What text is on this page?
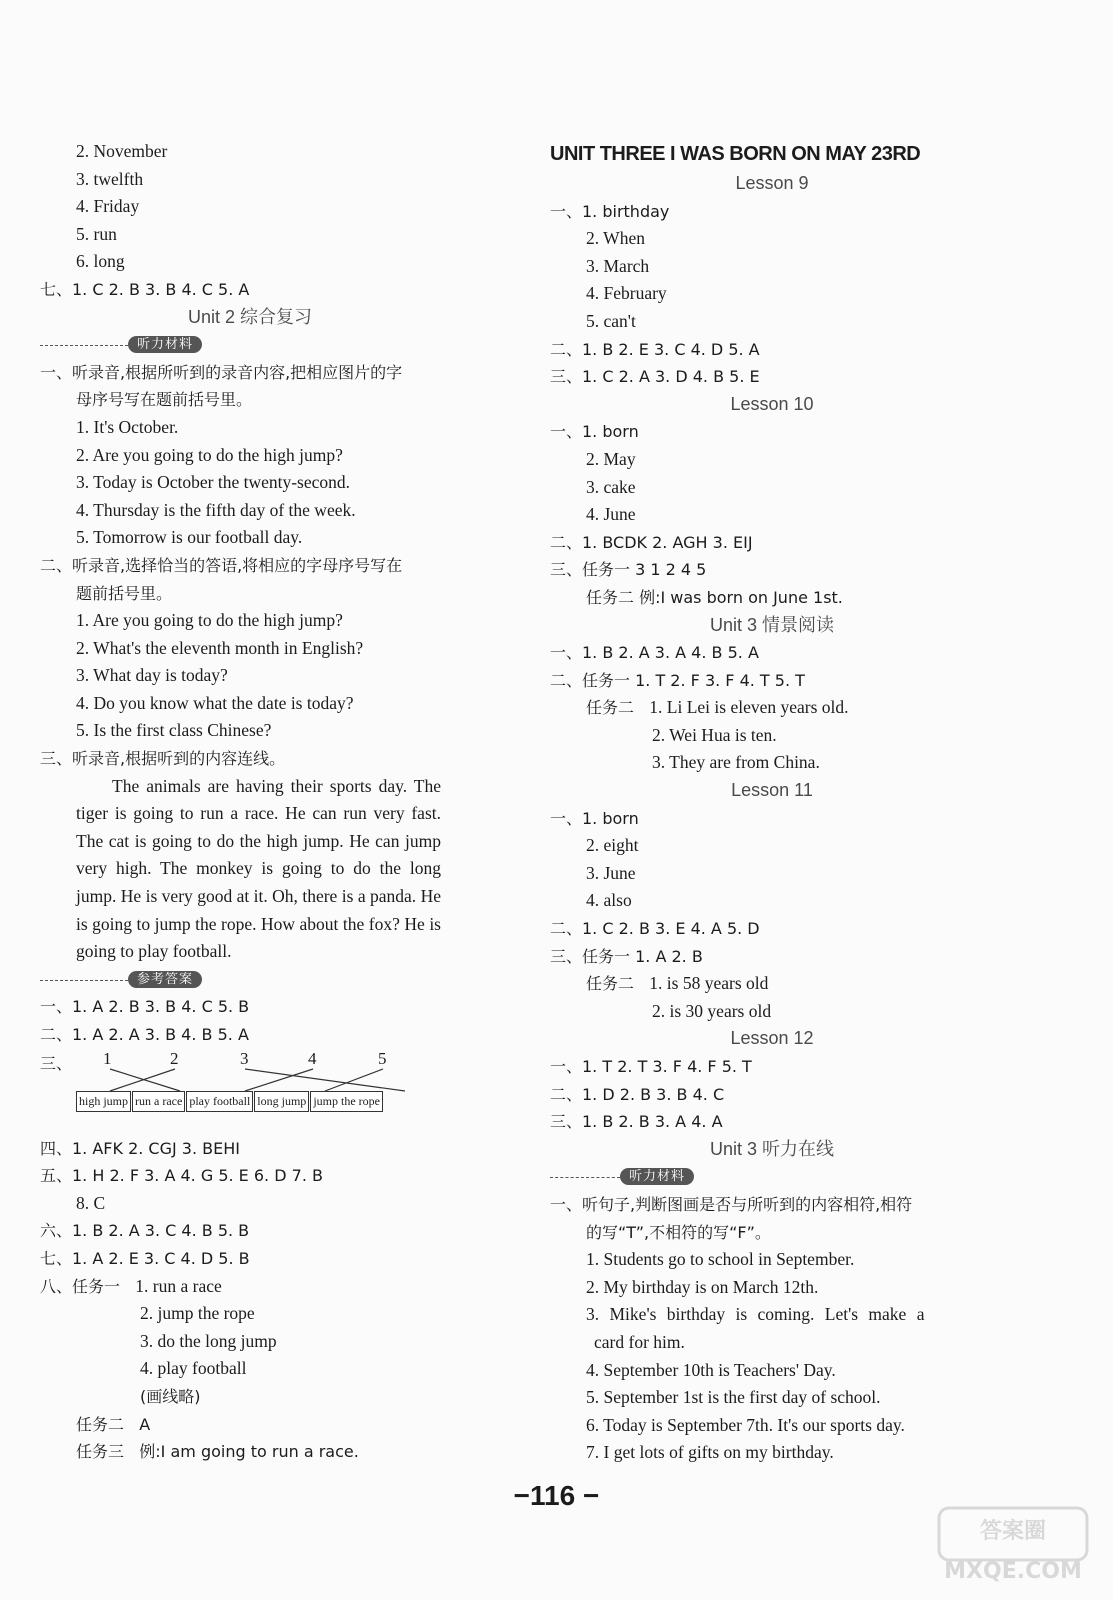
2. November
3. twelfth
4. Friday
5. run
6. long
七、1. C 2. B 3. B 4. C 5. A
Unit 2 综合复习
听力材料
一、听录音,根据所听到的录音内容,把相应图片的字
母序号写在题前括号里。
1. It's October.
2. Are you going to do the high jump?
3. Today is October the twenty-second.
4. Thursday is the fifth day of the week.
5. Tomorrow is our football day.
二、听录音,选择恰当的答语,将相应的字母序号写在
题前括号里。
1. Are you going to do the high jump?
2. What's the eleventh month in English?
3. What day is today?
4. Do you know what the date is today?
5. Is the first class Chinese?
三、听录音,根据听到的内容连线。
The animals are having their sports day. The tiger is going to run a race. He can run very fast. The cat is going to do the high jump. He can jump very high. The monkey is going to do the long jump. He is very good at it. Oh, there is a panda. He is going to jump the rope. How about the fox? He is going to play football.
参考答案
一、1. A 2. B 3. B 4. C 5. B
二、1. A 2. A 3. B 4. B 5. A
三、 1	2	3	4	5
high jump run a race play football long jump jump the rope
四、1. AFK 2. CGJ 3. BEHI
五、1. H 2. F 3. A 4. G 5. E 6. D 7. B
8. C
六、1. B 2. A 3. C 4. B 5. B
七、1. A 2. E 3. C 4. D 5. B
八、任务一 1. run a race
2. jump the rope
3. do the long jump
4. play football
(画线略)
任务二 A
任务三 例:I am going to run a race.
UNIT THREE I WAS BORN ON MAY 23RD
Lesson 9
一、1. birthday
2. When
3. March
4. February
5. can't
二、1. B 2. E 3. C 4. D 5. A
三、1. C 2. A 3. D 4. B 5. E
Lesson 10
一、1. born
2. May
3. cake
4. June
二、1. BCDK 2. AGH 3. EIJ
三、任务一 3 1 2 4 5
任务二 例:I was born on June 1st.
Unit 3 情景阅读
一、1. B 2. A 3. A 4. B 5. A
二、任务一 1. T 2. F 3. F 4. T 5. T
任务二 1. Li Lei is eleven years old.
2. Wei Hua is ten.
3. They are from China.
Lesson 11
一、1. born
2. eight
3. June
4. also
二、1. C 2. B 3. E 4. A 5. D
三、任务一 1. A 2. B
任务二 1. is 58 years old
2. is 30 years old
Lesson 12
一、1. T 2. T 3. F 4. F 5. T
二、1. D 2. B 3. B 4. C
三、1. B 2. B 3. A 4. A
Unit 3 听力在线
听力材料
一、听句子,判断图画是否与所听到的内容相符,相符
的写“T”,不相符的写“F”。
1. Students go to school in September.
2. My birthday is on March 12th.
3. Mike's birthday is coming. Let's make a
card for him.
4. September 10th is Teachers' Day.
5. September 1st is the first day of school.
6. Today is September 7th. It's our sports day.
7. I get lots of gifts on my birthday.
−116 −
答案圈 MXQE.COM
